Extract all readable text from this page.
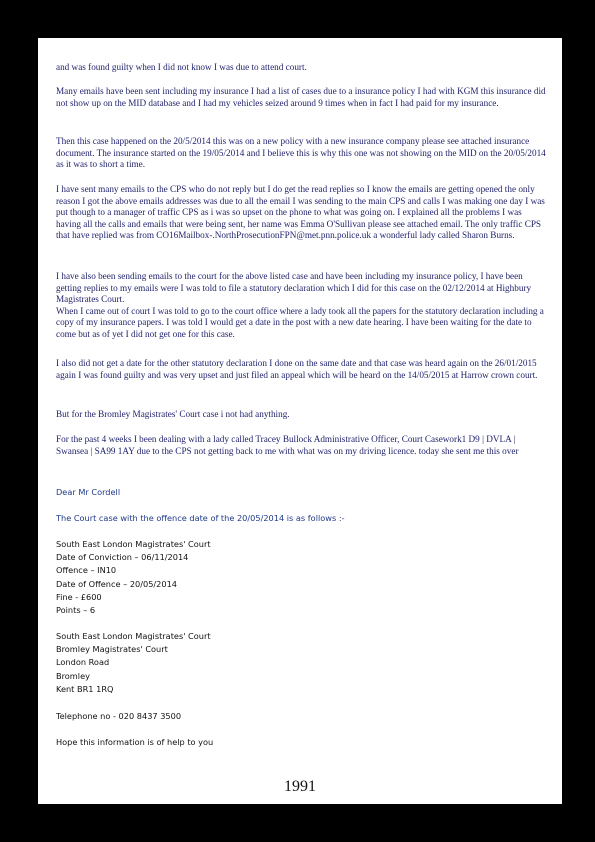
and was found guilty when I did not know I was due to attend court.

Many emails have been sent including my insurance I had a list of cases due to a insurance policy I had with KGM this insurance did not show up on the MID database and I had my vehicles seized around 9 times when in fact I had paid for my insurance.

Then this case happened on the 20/5/2014 this was on a new policy with a new insurance company please see attached insurance document. The insurance started on the 19/05/2014 and I believe this is why this one was not showing on the MID on the 20/05/2014 as it was to short a time.

I have sent many emails to the CPS who do not reply but I do get the read replies so I know the emails are getting opened the only reason I got the above emails addresses was due to all the email I was sending to the main CPS and calls I was making one day I was put though to a manager of traffic CPS as i was so upset on the phone to what was going on. I explained all the problems I was having all the calls and emails that were being sent, her name was Emma O'Sullivan please see attached email. The only traffic CPS that have replied was from CO16Mailbox-.NorthProsecutionFPN@met.pnn.police.uk a wonderful lady called Sharon Burns.

I have also been sending emails to the court for the above listed case and have been including my insurance policy, I have been getting replies to my emails were I was told to file a statutory declaration which I did for this case on the 02/12/2014 at Highbury Magistrates Court.

When I came out of court I was told to go to the court office where a lady took all the papers for the statutory declaration including a copy of my insurance papers. I was told I would get a date in the post with a new date hearing. I have been waiting for the date to come but as of yet I did not get one for this case.

I also did not get a date for the other statutory declaration I done on the same date and that case was heard again on the 26/01/2015 again I was found guilty and was very upset and just filed an appeal which will be heard on the 14/05/2015 at Harrow crown court.

But for the Bromley Magistrates' Court case i not had anything.

For the past 4 weeks I been dealing with a lady called Tracey Bullock Administrative Officer, Court Casework1 D9 | DVLA | Swansea | SA99 1AY due to the CPS not getting back to me with what was on my driving licence. today she sent me this over

Dear Mr Cordell

The Court case with the offence date of the 20/05/2014 is as follows :-

South East London Magistrates' Court

Date of Conviction – 06/11/2014

Offence – IN10

Date of Offence – 20/05/2014

Fine - £600

Points – 6

South East London Magistrates' Court

Bromley Magistrates' Court

London Road

Bromley

Kent BR1 1RQ

Telephone no - 020 8437 3500

Hope this information is of help to you

1991
